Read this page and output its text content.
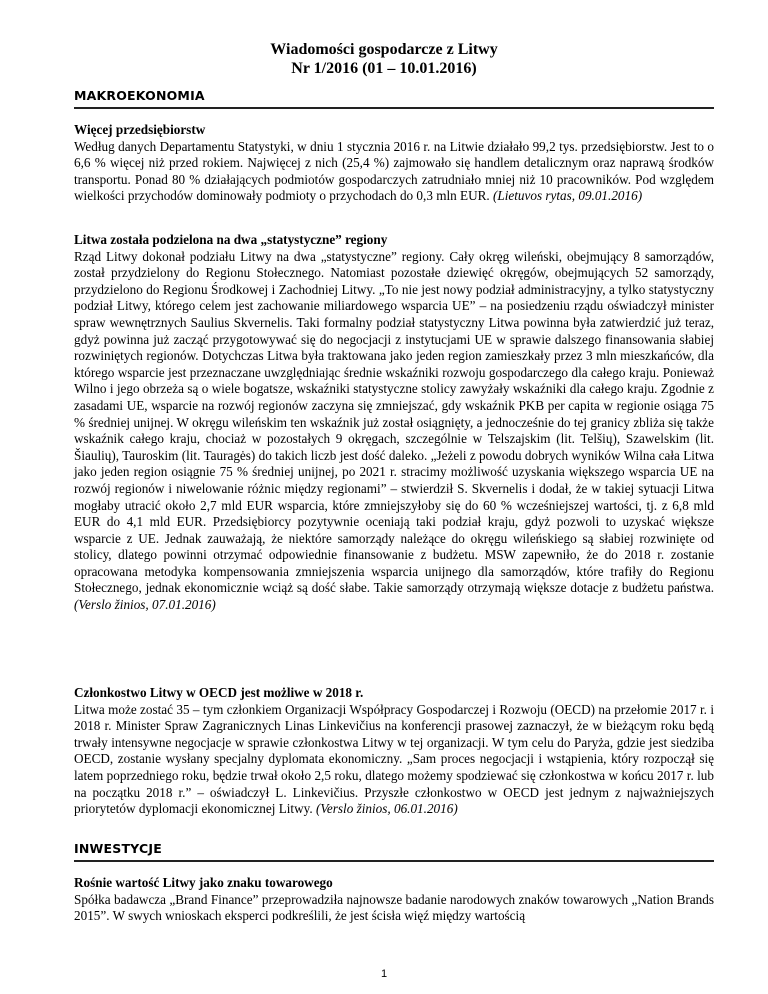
Wiadomości gospodarcze z Litwy
Nr 1/2016 (01 – 10.01.2016)
MAKROEKONOMIA
Więcej przedsiębiorstw

Według danych Departamentu Statystyki, w dniu 1 stycznia 2016 r. na Litwie działało 99,2 tys. przedsiębiorstw. Jest to o 6,6 % więcej niż przed rokiem. Najwięcej z nich (25,4 %) zajmowało się handlem detalicznym oraz naprawą środków transportu. Ponad 80 % działających podmiotów gospodarczych zatrudniało mniej niż 10 pracowników. Pod względem wielkości przychodów dominowały podmioty o przychodach do 0,3 mln EUR. (Lietuvos rytas, 09.01.2016)

Litwa została podzielona na dwa „statystyczne” regiony

Rząd Litwy dokonał podziału Litwy na dwa „statystyczne” regiony. Cały okręg wileński, obejmujący 8 samorządów, został przydzielony do Regionu Stołecznego. Natomiast pozostałe dziewięć okręgów, obejmujących 52 samorządy, przydzielono do Regionu Środkowej i Zachodniej Litwy. „To nie jest nowy podział administracyjny, a tylko statystyczny podział Litwy, którego celem jest zachowanie miliardowego wsparcia UE” – na posiedzeniu rządu oświadczył minister spraw wewnętrznych Saulius Skvernelis. Taki formalny podział statystyczny Litwa powinna była zatwierdzić już teraz, gdyż powinna już zacząć przygotowywać się do negocjacji z instytucjami UE w sprawie dalszego finansowania słabiej rozwiniętych regionów. Dotychczas Litwa była traktowana jako jeden region zamieszkały przez 3 mln mieszkańców, dla którego wsparcie jest przeznaczane uwzględniając średnie wskaźniki rozwoju gospodarczego dla całego kraju. Ponieważ Wilno i jego obrzeża są o wiele bogatsze, wskaźniki statystyczne stolicy zawyżały wskaźniki dla całego kraju. Zgodnie z zasadami UE, wsparcie na rozwój regionów zaczyna się zmniejszać, gdy wskaźnik PKB per capita w regionie osiąga 75 % średniej unijnej. W okręgu wileńskim ten wskaźnik już został osiągnięty, a jednocześnie do tej granicy zbliża się także wskaźnik całego kraju, chociaż w pozostałych 9 okręgach, szczególnie w Telszajskim (lit. Telšių), Szawelskim (lit. Šiaulių), Tauroskim (lit. Tauragės) do takich liczb jest dość daleko. „Jeżeli z powodu dobrych wyników Wilna cała Litwa jako jeden region osiągnie 75 % średniej unijnej, po 2021 r. stracimy możliwość uzyskania większego wsparcia UE na rozwój regionów i niwelowanie różnic między regionami” – stwierdził S. Skvernelis i dodał, że w takiej sytuacji Litwa mogłaby utracić około 2,7 mld EUR wsparcia, które zmniejszyłoby się do 60 % wcześniejszej wartości, tj. z 6,8 mld EUR do 4,1 mld EUR. Przedsiębiorcy pozytywnie oceniają taki podział kraju, gdyż pozwoli to uzyskać większe wsparcie z UE. Jednak zauważają, że niektóre samorządy należące do okręgu wileńskiego są słabiej rozwinięte od stolicy, dlatego powinni otrzymać odpowiednie finansowanie z budżetu. MSW zapewniło, że do 2018 r. zostanie opracowana metodyka kompensowania zmniejszenia wsparcia unijnego dla samorządów, które trafiły do Regionu Stołecznego, jednak ekonomicznie wciąż są dość słabe. Takie samorządy otrzymają większe dotacje z budżetu państwa. (Verslo žinios, 07.01.2016)

Członkostwo Litwy w OECD jest możliwe w 2018 r.

Litwa może zostać 35 – tym członkiem Organizacji Współpracy Gospodarczej i Rozwoju (OECD) na przełomie 2017 r. i 2018 r. Minister Spraw Zagranicznych Linas Linkevičius na konferencji prasowej zaznaczył, że w bieżącym roku będą trwały intensywne negocjacje w sprawie członkostwa Litwy w tej organizacji. W tym celu do Paryża, gdzie jest siedziba OECD, zostanie wysłany specjalny dyplomata ekonomiczny. „Sam proces negocjacji i wstąpienia, który rozpoczął się latem poprzedniego roku, będzie trwał około 2,5 roku, dlatego możemy spodziewać się członkostwa w końcu 2017 r. lub na początku 2018 r.” – oświadczył L. Linkevičius. Przyszłe członkostwo w OECD jest jednym z najważniejszych priorytetów dyplomacji ekonomicznej Litwy. (Verslo žinios, 06.01.2016)

INWESTYCJE
Rośnie wartość Litwy jako znaku towarowego

Spółka badawcza „Brand Finance” przeprowadziła najnowsze badanie narodowych znaków towarowych „Nation Brands 2015”. W swych wnioskach eksperci podkreślili, że jest ścisła więź między wartością

1
